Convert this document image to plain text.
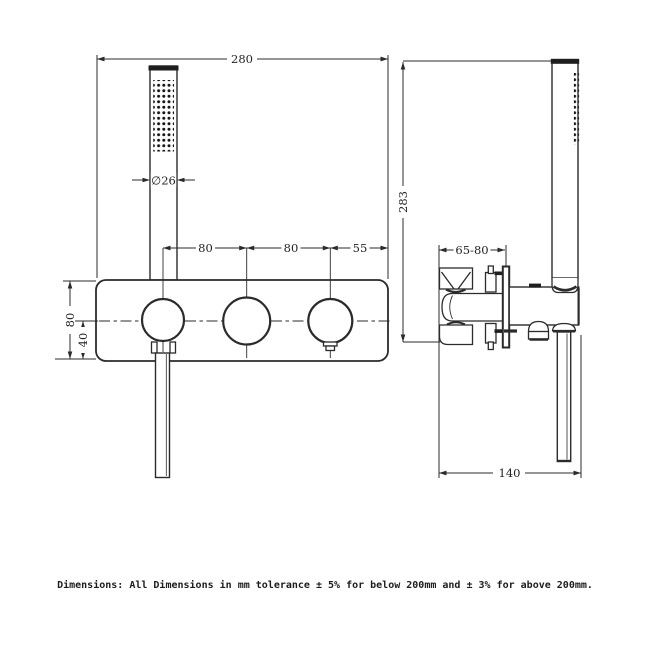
280
∅26
80	80	55
80
40
283
65-80
140
Dimensions: All Dimensions in mm tolerance ± 5% for below 200mm and ± 3% for above 200mm.
